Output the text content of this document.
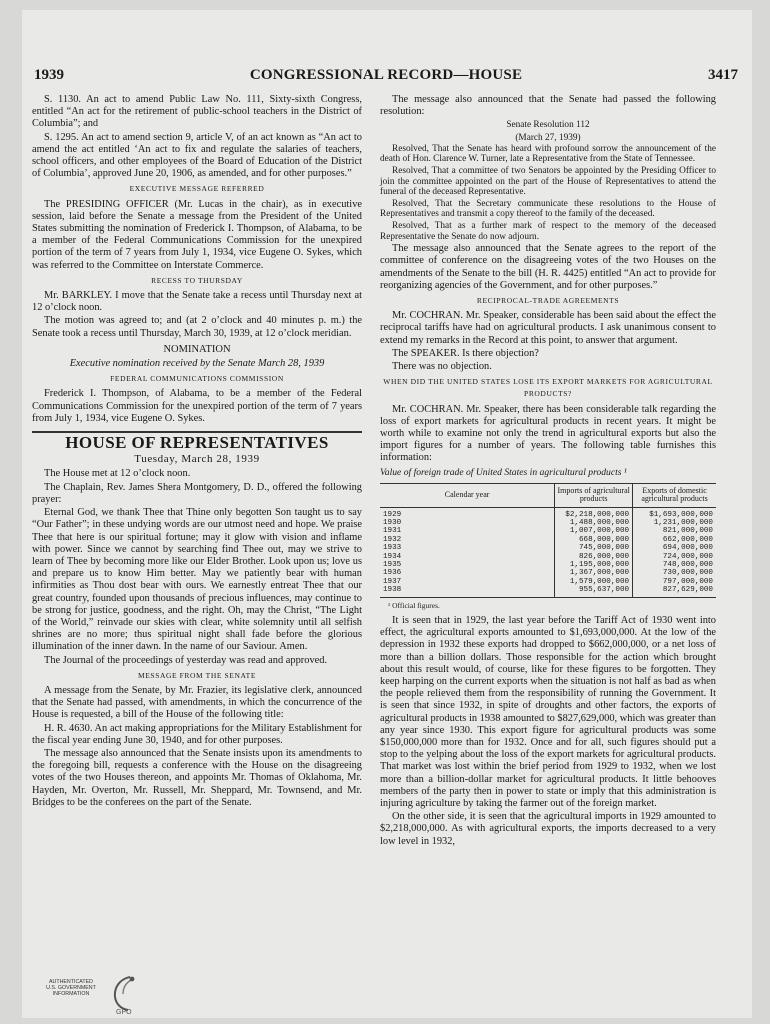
1939	CONGRESSIONAL RECORD—HOUSE	3417

S. 1130. An act to amend Public Law No. 111, Sixty-sixth Congress, entitled “An act for the retirement of public-school teachers in the District of Columbia”; and

S. 1295. An act to amend section 9, article V, of an act known as “An act to amend the act entitled ‘An act to fix and regulate the salaries of teachers, school officers, and other employees of the Board of Education of the District of Columbia’, approved June 20, 1906, as amended, and for other purposes.”

EXECUTIVE MESSAGE REFERRED

The PRESIDING OFFICER (Mr. Lucas in the chair), as in executive session, laid before the Senate a message from the President of the United States submitting the nomination of Frederick I. Thompson, of Alabama, to be a member of the Federal Communications Commission for the unexpired portion of the term of 7 years from July 1, 1934, vice Eugene O. Sykes, which was referred to the Committee on Interstate Commerce.

RECESS TO THURSDAY

Mr. BARKLEY. I move that the Senate take a recess until Thursday next at 12 o’clock noon.

The motion was agreed to; and (at 2 o’clock and 40 minutes p. m.) the Senate took a recess until Thursday, March 30, 1939, at 12 o’clock meridian.

NOMINATION
Executive nomination received by the Senate March 28, 1939
FEDERAL COMMUNICATIONS COMMISSION

Frederick I. Thompson, of Alabama, to be a member of the Federal Communications Commission for the unexpired portion of the term of 7 years from July 1, 1934, vice Eugene O. Sykes.

HOUSE OF REPRESENTATIVES
Tuesday, March 28, 1939

The House met at 12 o’clock noon.

The Chaplain, Rev. James Shera Montgomery, D. D., offered the following prayer:

Eternal God, we thank Thee that Thine only begotten Son taught us to say “Our Father”; in these undying words are our utmost need and hope. We praise Thee that here is our spiritual fortune; may it glow with vision and inflame with power. Since we cannot by searching find Thee out, may we strive to learn of Thee by becoming more like our Elder Brother. Look upon us; love us and prepare us to know Him better. May we patiently bear with human infirmities as Thou dost bear with ours. We earnestly entreat Thee that our great country, founded upon thousands of precious influences, may continue to be strong for justice, goodness, and the right. Oh, may the Christ, “The Light of the World,” reinvade our skies with clear, white solemnity until all selfish shrines are no more; thus spiritual night shall fade before the glorious illumination of the inner dawn. In the name of our Saviour. Amen.

The Journal of the proceedings of yesterday was read and approved.

MESSAGE FROM THE SENATE

A message from the Senate, by Mr. Frazier, its legislative clerk, announced that the Senate had passed, with amendments, in which the concurrence of the House is requested, a bill of the House of the following title:

H. R. 4630. An act making appropriations for the Military Establishment for the fiscal year ending June 30, 1940, and for other purposes.

The message also announced that the Senate insists upon its amendments to the foregoing bill, requests a conference with the House on the disagreeing votes of the two Houses thereon, and appoints Mr. Thomas of Oklahoma, Mr. Hayden, Mr. Overton, Mr. Russell, Mr. Sheppard, Mr. Townsend, and Mr. Bridges to be the conferees on the part of the Senate.

The message also announced that the Senate had passed the following resolution:

Senate Resolution 112
(March 27, 1939)

Resolved, That the Senate has heard with profound sorrow the announcement of the death of Hon. Clarence W. Turner, late a Representative from the State of Tennessee.

Resolved, That a committee of two Senators be appointed by the Presiding Officer to join the committee appointed on the part of the House of Representatives to attend the funeral of the deceased Representative.

Resolved, That the Secretary communicate these resolutions to the House of Representatives and transmit a copy thereof to the family of the deceased.

Resolved, That as a further mark of respect to the memory of the deceased Representative the Senate do now adjourn.

The message also announced that the Senate agrees to the report of the committee of conference on the disagreeing votes of the two Houses on the amendments of the Senate to the bill (H. R. 4425) entitled “An act to provide for reorganizing agencies of the Government, and for other purposes.”

RECIPROCAL-TRADE AGREEMENTS

Mr. COCHRAN. Mr. Speaker, considerable has been said about the effect the reciprocal tariffs have had on agricultural products. I ask unanimous consent to extend my remarks in the Record at this point, to answer that argument.

The SPEAKER. Is there objection?

There was no objection.

WHEN DID THE UNITED STATES LOSE ITS EXPORT MARKETS FOR AGRICULTURAL PRODUCTS?

Mr. COCHRAN. Mr. Speaker, there has been considerable talk regarding the loss of export markets for agricultural products in recent years. It might be worth while to examine not only the trend in agricultural exports but also the import figures for a number of years. The following table furnishes this information:

Value of foreign trade of United States in agricultural products ¹
Calendar year	Imports of agricultural products	Exports of domestic agricultural products
1929	$2,218,000,000	$1,693,000,000
1930	1,488,000,000	1,231,000,000
1931	1,007,000,000	821,000,000
1932	668,000,000	662,000,000
1933	745,000,000	694,000,000
1934	826,000,000	724,000,000
1935	1,195,000,000	748,000,000
1936	1,367,000,000	730,000,000
1937	1,579,000,000	797,000,000
1938	955,637,000	827,629,000
¹ Official figures.

It is seen that in 1929, the last year before the Tariff Act of 1930 went into effect, the agricultural exports amounted to $1,693,000,000. At the low of the depression in 1932 these exports had dropped to $662,000,000, or a net loss of more than a billion dollars. Those responsible for the action which brought about this result would, of course, like for these figures to be forgotten. They keep harping on the current exports when the situation is not half as bad as when the people relieved them from the responsibility of running the Government. It is seen that since 1932, in spite of droughts and other factors, the exports of agricultural products in 1938 amounted to $827,629,000, which was greater than any year since 1930. This export figure for agricultural products was some $150,000,000 more than for 1932. Once and for all, such figures should put a stop to the yelping about the loss of the export markets for agricultural products. That market was lost within the brief period from 1929 to 1932, when we lost more than a billion-dollar market for agricultural products. It little behooves members of the party then in power to state or imply that this administration is injuring agriculture by taking the farmer out of the foreign market.

On the other side, it is seen that the agricultural imports in 1929 amounted to $2,218,000,000. As with agricultural exports, the imports decreased to a very low level in 1932,

AUTHENTICATED
U.S. GOVERNMENT
INFORMATION
GPO
